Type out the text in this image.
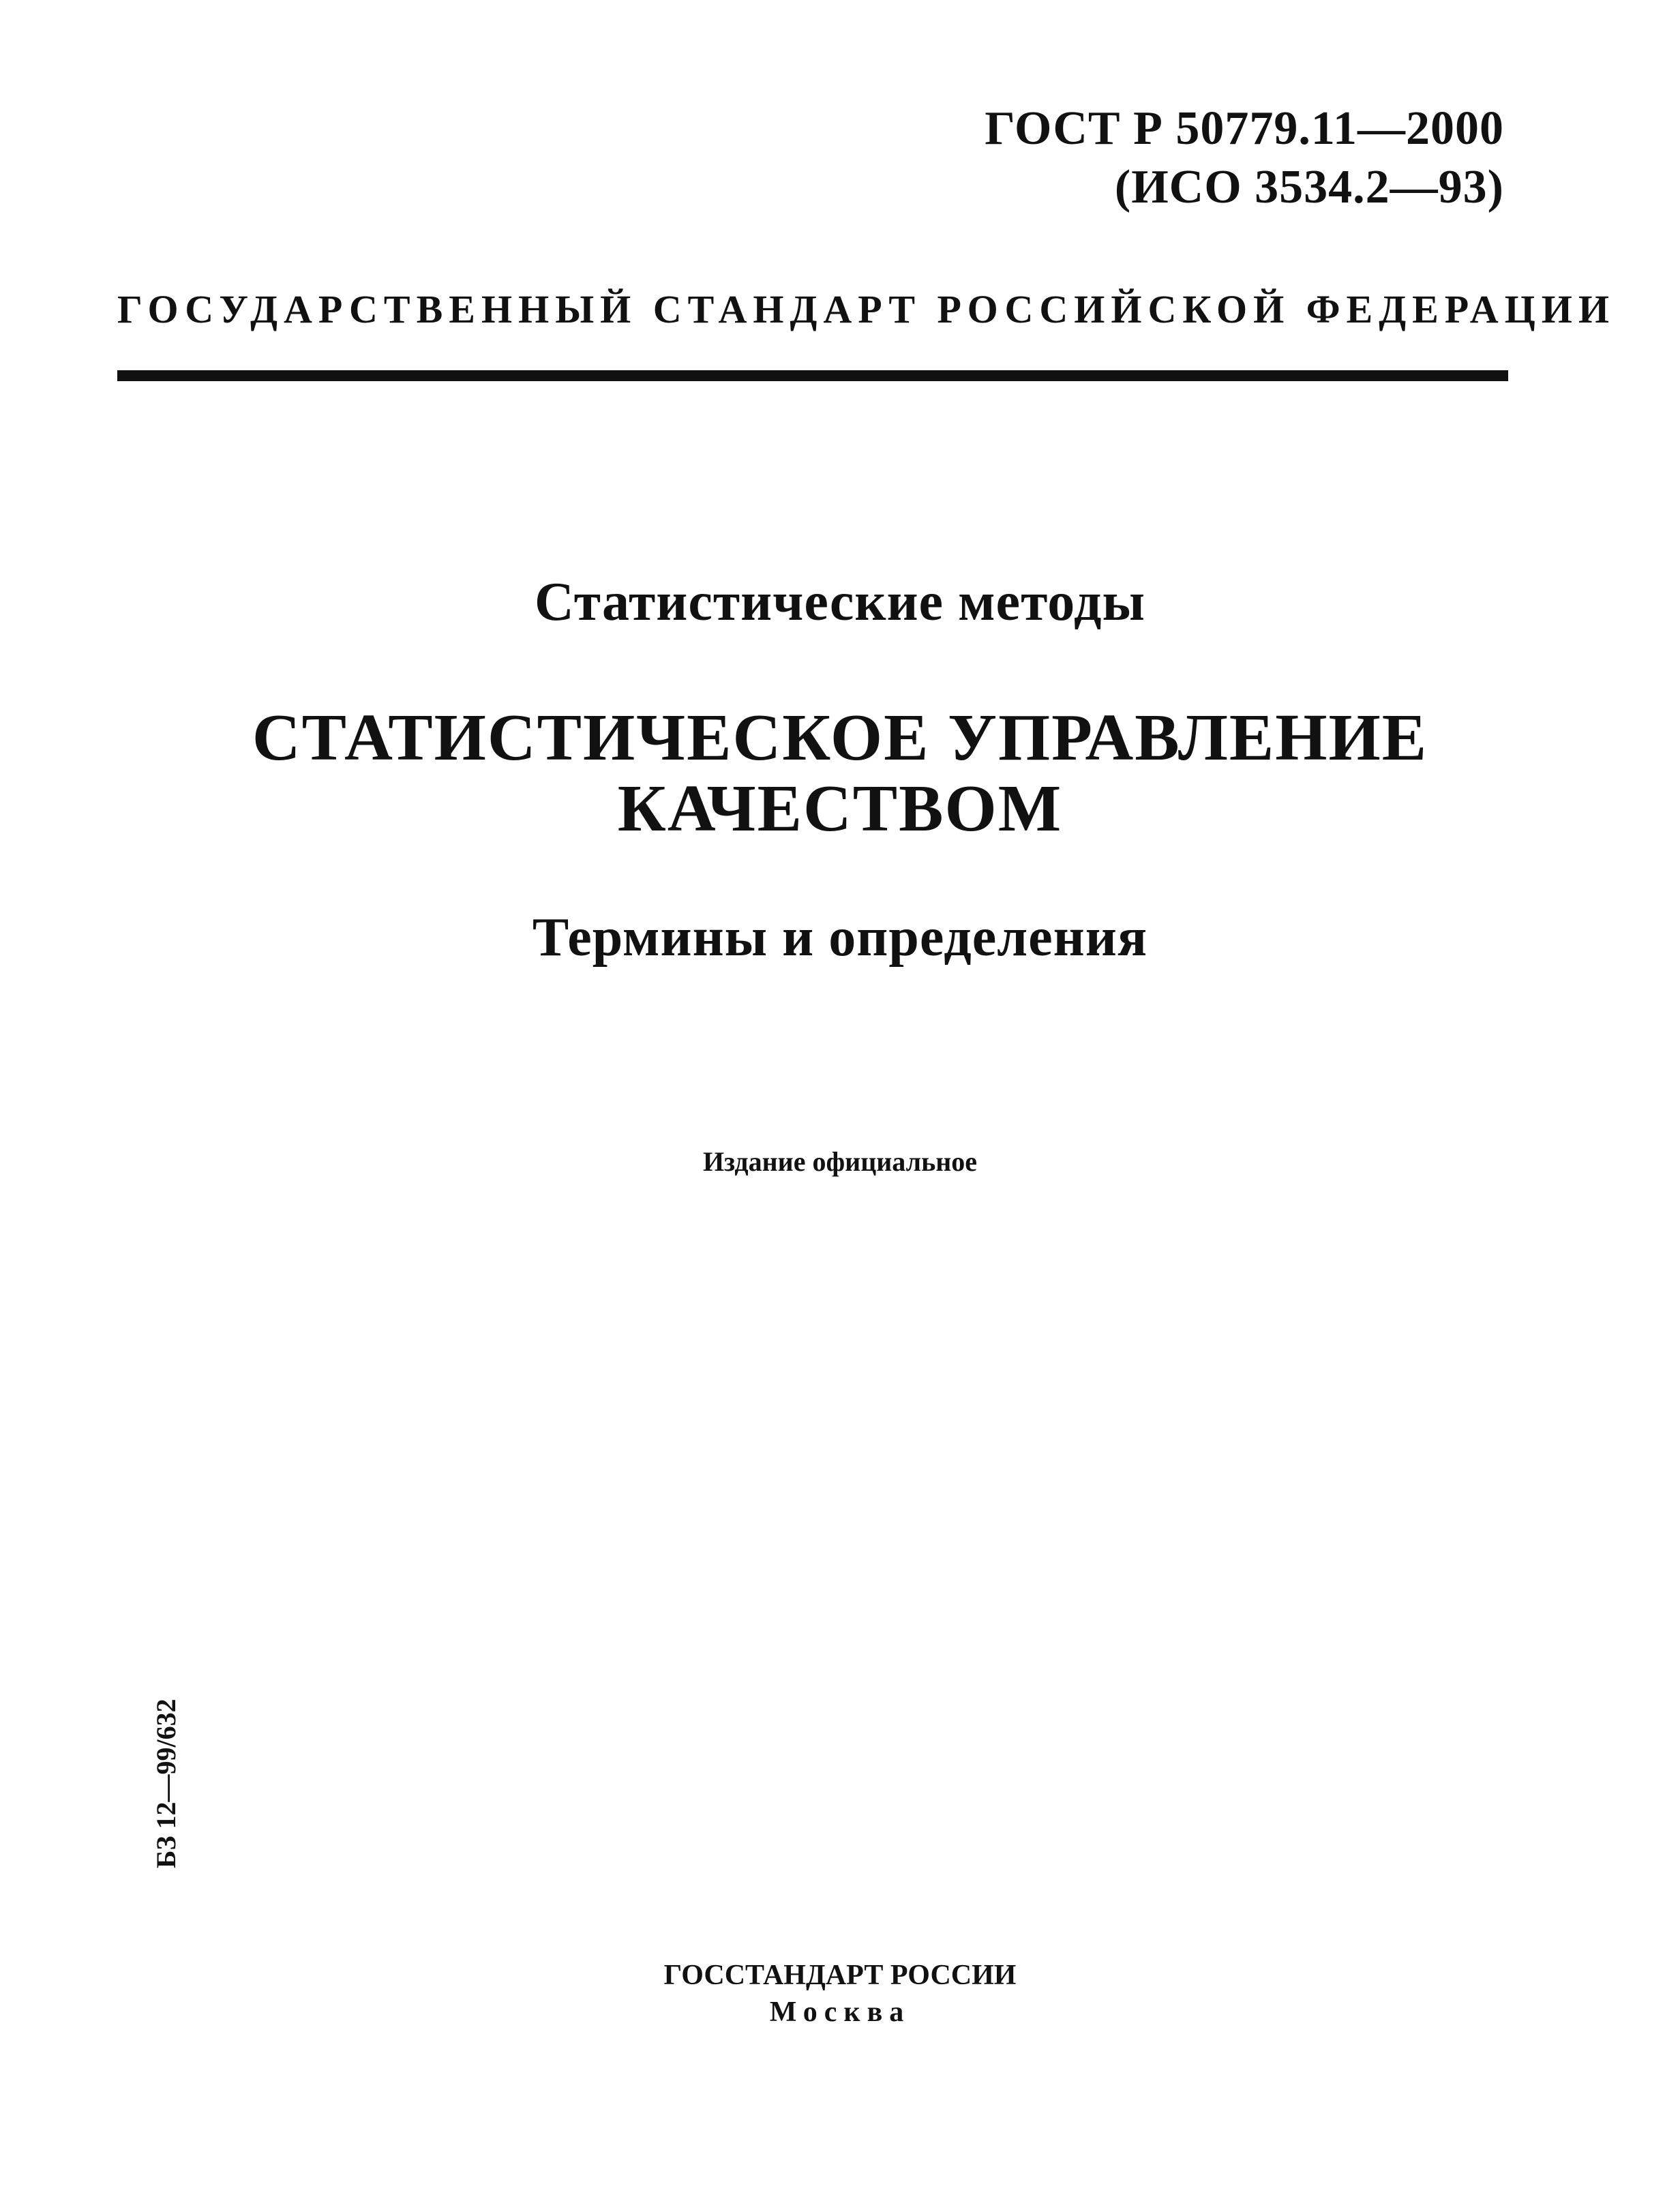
ГОСТ Р 50779.11—2000
(ИСО 3534.2—93)
ГОСУДАРСТВЕННЫЙ СТАНДАРТ РОССИЙСКОЙ ФЕДЕРАЦИИ
Статистические методы
СТАТИСТИЧЕСКОЕ УПРАВЛЕНИЕ
КАЧЕСТВОМ
Термины и определения
Издание официальное
БЗ 12—99/632
ГОССТАНДАРТ РОССИИ
Москва
